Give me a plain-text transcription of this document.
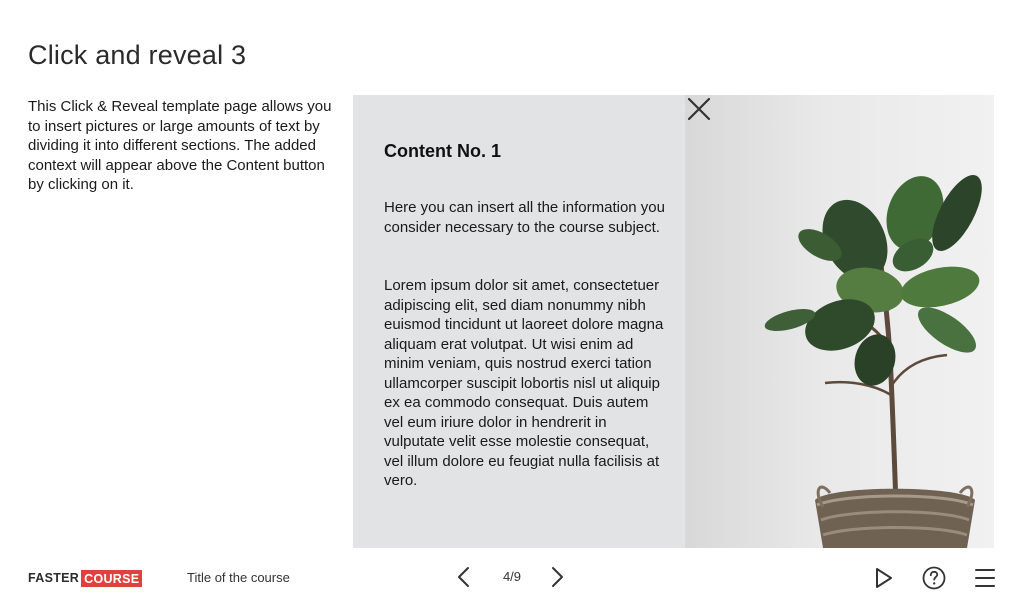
Click and reveal 3
This Click & Reveal template page allows you to insert pictures or large amounts of text by dividing it into different sections. The added context will appear above the Content button by clicking on it.
Content No. 1

Here you can insert all the information you consider necessary to the course subject.

Lorem ipsum dolor sit amet, consectetuer adipiscing elit, sed diam nonummy nibh euismod tincidunt ut laoreet dolore magna aliquam erat volutpat. Ut wisi enim ad minim veniam, quis nostrud exerci tation ullamcorper suscipit lobortis nisl ut aliquip ex ea commodo consequat. Duis autem vel eum iriure dolor in hendrerit in vulputate velit esse molestie consequat, vel illum dolore eu feugiat nulla facilisis at vero.

FASTER COURSE	Title of the course	4/9
